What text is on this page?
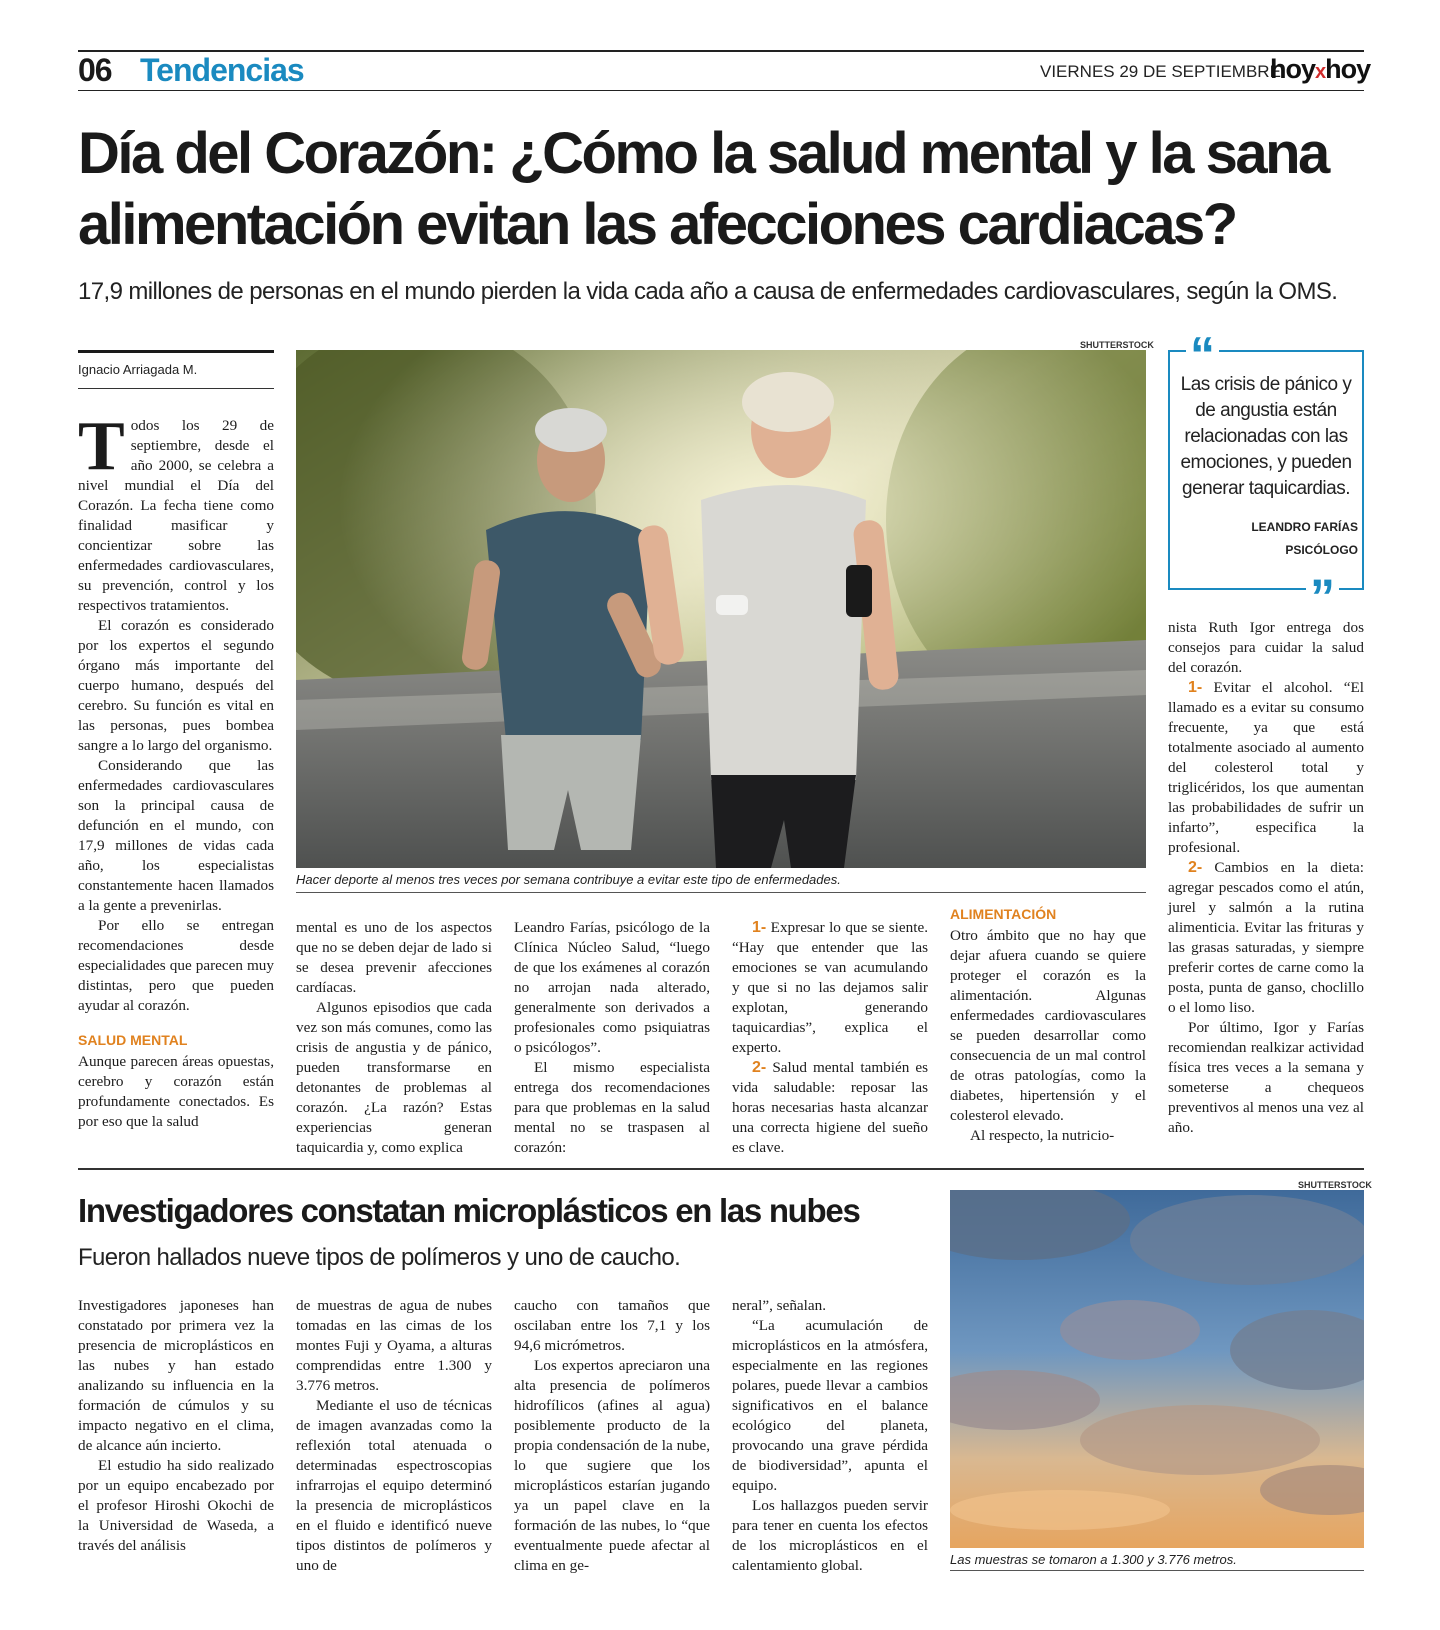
06 Tendencias	VIERNES 29 DE SEPTIEMBRE
hoyxhoy
Día del Corazón: ¿Cómo la salud mental y la sana alimentación evitan las afecciones cardiacas?
17,9 millones de personas en el mundo pierden la vida cada año a causa de enfermedades cardiovasculares, según la OMS.
Ignacio Arriagada M.

Todos los 29 de septiembre, desde el año 2000, se celebra a nivel mundial el Día del Corazón. La fecha tiene como finalidad masificar y concientizar sobre las enfermedades cardiovasculares, su prevención, control y los respectivos tratamientos.

El corazón es considerado por los expertos el segundo órgano más importante del cuerpo humano, después del cerebro. Su función es vital en las personas, pues bombea sangre a lo largo del organismo.

Considerando que las enfermedades cardiovasculares son la principal causa de defunción en el mundo, con 17,9 millones de vidas cada año, los especialistas constantemente hacen llamados a la gente a prevenirlas.

Por ello se entregan recomendaciones desde especialidades que parecen muy distintas, pero que pueden ayudar al corazón.

SALUD MENTAL

Aunque parecen áreas opuestas, cerebro y corazón están profundamente conectados. Es por eso que la salud

SHUTTERSTOCK
Hacer deporte al menos tres veces por semana contribuye a evitar este tipo de enfermedades.

mental es uno de los aspectos que no se deben dejar de lado si se desea prevenir afecciones cardíacas.

Algunos episodios que cada vez son más comunes, como las crisis de angustia y de pánico, pueden transformarse en detonantes de problemas al corazón. ¿La razón? Estas experiencias generan taquicardia y, como explica

Leandro Farías, psicólogo de la Clínica Núcleo Salud, “luego de que los exámenes al corazón no arrojan nada alterado, generalmente son derivados a profesionales como psiquiatras o psicólogos”.

El mismo especialista entrega dos recomendaciones para que problemas en la salud mental no se traspasen al corazón:

1- Expresar lo que se siente. “Hay que entender que las emociones se van acumulando y que si no las dejamos salir explotan, generando taquicardias”, explica el experto.

2- Salud mental también es vida saludable: reposar las horas necesarias hasta alcanzar una correcta higiene del sueño es clave.

ALIMENTACIÓN

Otro ámbito que no hay que dejar afuera cuando se quiere proteger el corazón es la alimentación. Algunas enfermedades cardiovasculares se pueden desarrollar como consecuencia de un mal control de otras patologías, como la diabetes, hipertensión y el colesterol elevado.

Al respecto, la nutricio-

“
Las crisis de pánico y de angustia están relacionadas con las emociones, y pueden generar taquicardias.
LEANDRO FARÍAS
PSICÓLOGO
”

nista Ruth Igor entrega dos consejos para cuidar la salud del corazón.

1- Evitar el alcohol. “El llamado es a evitar su consumo frecuente, ya que está totalmente asociado al aumento del colesterol total y triglicéridos, los que aumentan las probabilidades de sufrir un infarto”, especifica la profesional.

2- Cambios en la dieta: agregar pescados como el atún, jurel y salmón a la rutina alimenticia. Evitar las frituras y las grasas saturadas, y siempre preferir cortes de carne como la posta, punta de ganso, choclillo o el lomo liso.

Por último, Igor y Farías recomiendan realkizar actividad física tres veces a la semana y someterse a chequeos preventivos al menos una vez al año.

Investigadores constatan microplásticos en las nubes
Fueron hallados nueve tipos de polímeros y uno de caucho.

Investigadores japoneses han constatado por primera vez la presencia de microplásticos en las nubes y han estado analizando su influencia en la formación de cúmulos y su impacto negativo en el clima, de alcance aún incierto.

El estudio ha sido realizado por un equipo encabezado por el profesor Hiroshi Okochi de la Universidad de Waseda, a través del análisis

de muestras de agua de nubes tomadas en las cimas de los montes Fuji y Oyama, a alturas comprendidas entre 1.300 y 3.776 metros.

Mediante el uso de técnicas de imagen avanzadas como la reflexión total atenuada o determinadas espectroscopias infrarrojas el equipo determinó la presencia de microplásticos en el fluido e identificó nueve tipos distintos de polímeros y uno de

caucho con tamaños que oscilaban entre los 7,1 y los 94,6 micrómetros.

Los expertos apreciaron una alta presencia de polímeros hidrofílicos (afines al agua) posiblemente producto de la propia condensación de la nube, lo que sugiere que los microplásticos estarían jugando ya un papel clave en la formación de las nubes, lo “que eventualmente puede afectar al clima en ge-

neral”, señalan.

“La acumulación de microplásticos en la atmósfera, especialmente en las regiones polares, puede llevar a cambios significativos en el balance ecológico del planeta, provocando una grave pérdida de biodiversidad”, apunta el equipo.

Los hallazgos pueden servir para tener en cuenta los efectos de los microplásticos en el calentamiento global.

SHUTTERSTOCK
Las muestras se tomaron a 1.300 y 3.776 metros.
